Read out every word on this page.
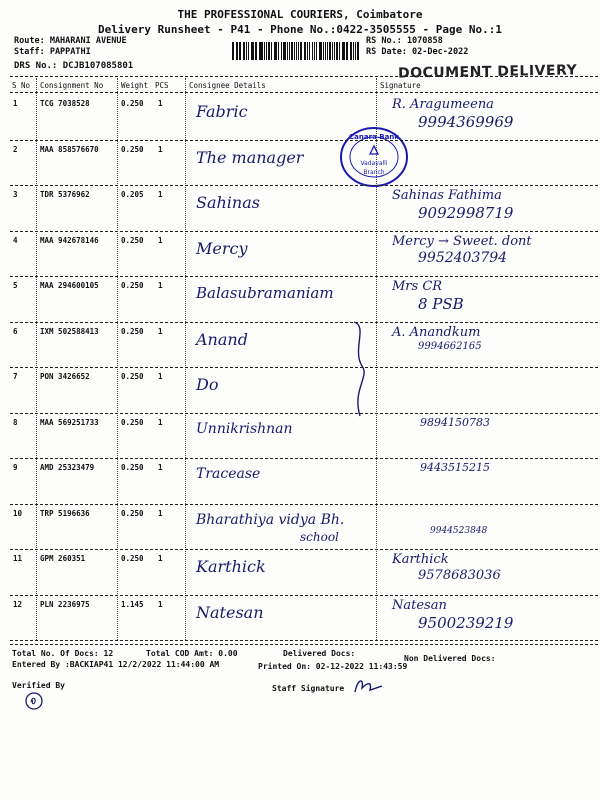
THE PROFESSIONAL COURIERS, Coimbatore
Delivery Runsheet - P41 - Phone No.:0422-3505555 - Page No.:1
Route: MAHARANI AVENUE
Staff: PAPPATHI
DRS No.: DCJB107085801
RS No.: 1070858
RS Date: 02-Dec-2022
DOCUMENT DELIVERY
S No Consignment No Weight PCS	Consignee Details	Signature
1	TCG 7038528	0.250 1 Fabric	R. Aragumeena
9994369969
2	MAA 858576670	0.250 1 The manager
3	TDR 5376962	0.205 1 Sahinas	Sahinas Fathima
9092998719
4	MAA 942678146	0.250 1 Mercy	Mercy → Sweet. dont
9952403794
5	MAA 294600105	0.250 1 Balasubramaniam	Mrs CR
8 PSB
6	IXM 502588413	0.250 1 Anand	A. Anandkum
9994662165
7	PON 3426652	0.250 1 Do
8	MAA 569251733	0.250 1 Unnikrishnan	9894150783
9	AMD 25323479	0.250 1 Tracease	9443515215
10 TRP 5196636	0.250 1 Bharathiya vidya Bh.
school	9944523848
11 GPM 260351	0.250 1 Karthick	Karthick
9578683036
12 PLN 2236975	1.145 1 Natesan	Natesan
9500239219
Canara Bank
Vadavalli
Branch
Total No. Of Docs: 12	Total COD Amt: 0.00	Delivered Docs:
Non Delivered Docs:
Entered By :BACKIAP41 12/2/2022 11:44:00 AM	Printed On: 02-12-2022 11:43:59
Verified By	Staff Signature
